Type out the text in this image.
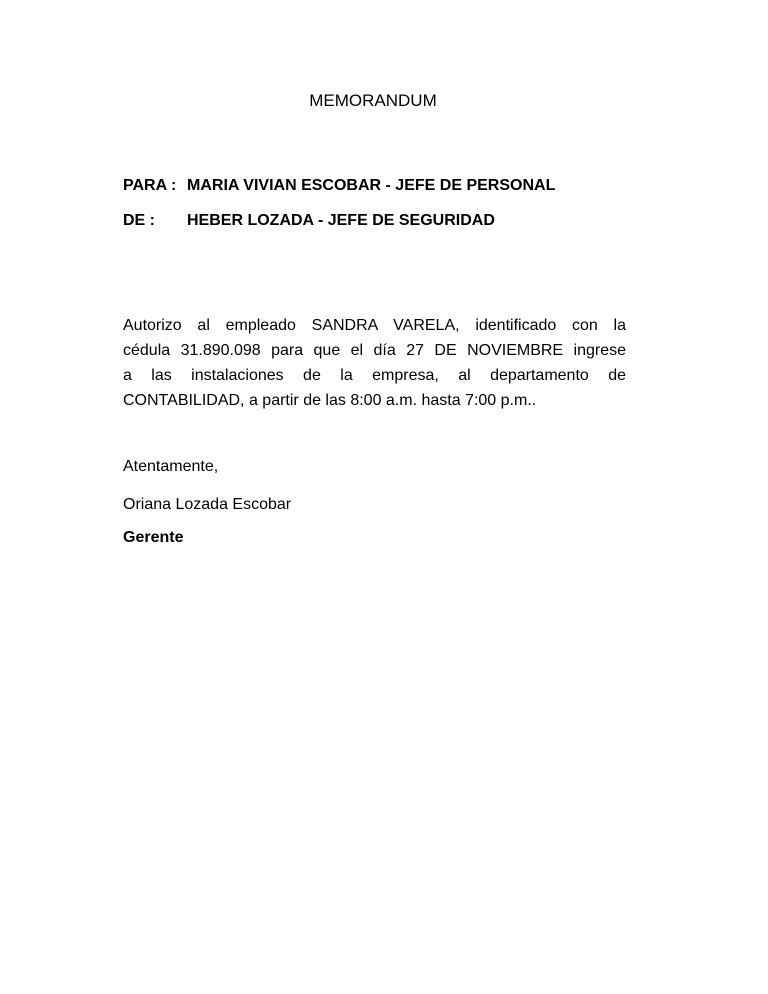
MEMORANDUM
PARA : MARIA VIVIAN ESCOBAR - JEFE DE PERSONAL
DE : HEBER LOZADA - JEFE DE SEGURIDAD
Autorizo al empleado SANDRA VARELA, identificado con la
cédula 31.890.098 para que el día 27 DE NOVIEMBRE ingrese
a las instalaciones de la empresa, al departamento de
CONTABILIDAD, a partir de las 8:00 a.m. hasta 7:00 p.m..
Atentamente,
Oriana Lozada Escobar
Gerente
